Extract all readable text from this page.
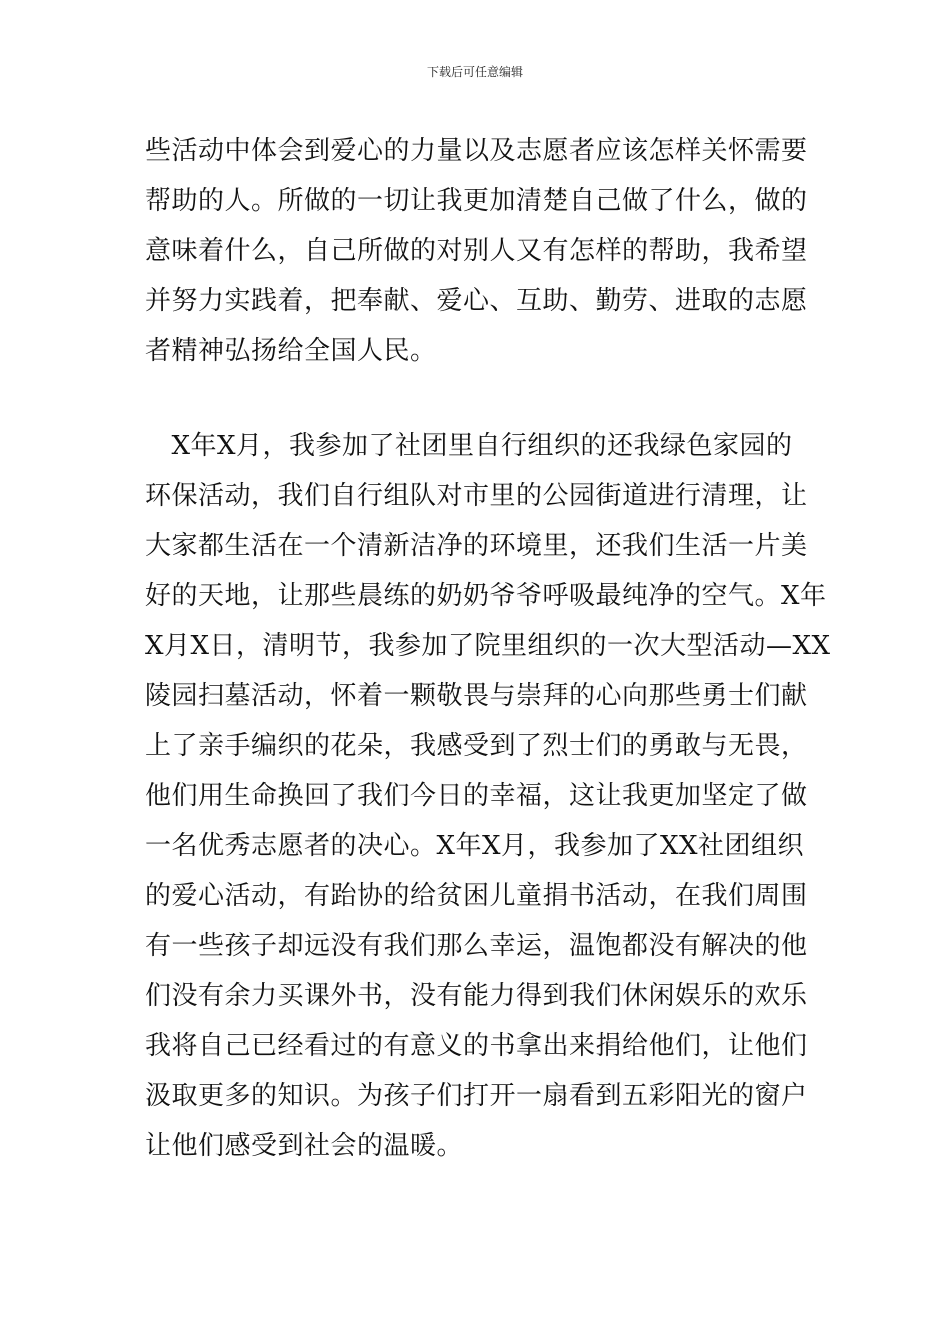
下载后可任意编辑
些活动中体会到爱心的力量以及志愿者应该怎样关怀需要
帮助的人。所做的一切让我更加清楚自己做了什么，做的
意味着什么，自己所做的对别人又有怎样的帮助，我希望
并努力实践着，把奉献、爱心、互助、勤劳、进取的志愿
者精神弘扬给全国人民。
　X年X月，我参加了社团里自行组织的还我绿色家园的
环保活动，我们自行组队对市里的公园街道进行清理，让
大家都生活在一个清新洁净的环境里，还我们生活一片美
好的天地，让那些晨练的奶奶爷爷呼吸最纯净的空气。X年
X月X日，清明节，我参加了院里组织的一次大型活动—XX
陵园扫墓活动，怀着一颗敬畏与崇拜的心向那些勇士们献
上了亲手编织的花朵，我感受到了烈士们的勇敢与无畏，
他们用生命换回了我们今日的幸福，这让我更加坚定了做
一名优秀志愿者的决心。X年X月，我参加了XX社团组织
的爱心活动，有跆协的给贫困儿童捐书活动，在我们周围
有一些孩子却远没有我们那么幸运，温饱都没有解决的他
们没有余力买课外书，没有能力得到我们休闲娱乐的欢乐
我将自己已经看过的有意义的书拿出来捐给他们，让他们
汲取更多的知识。为孩子们打开一扇看到五彩阳光的窗户
让他们感受到社会的温暖。
